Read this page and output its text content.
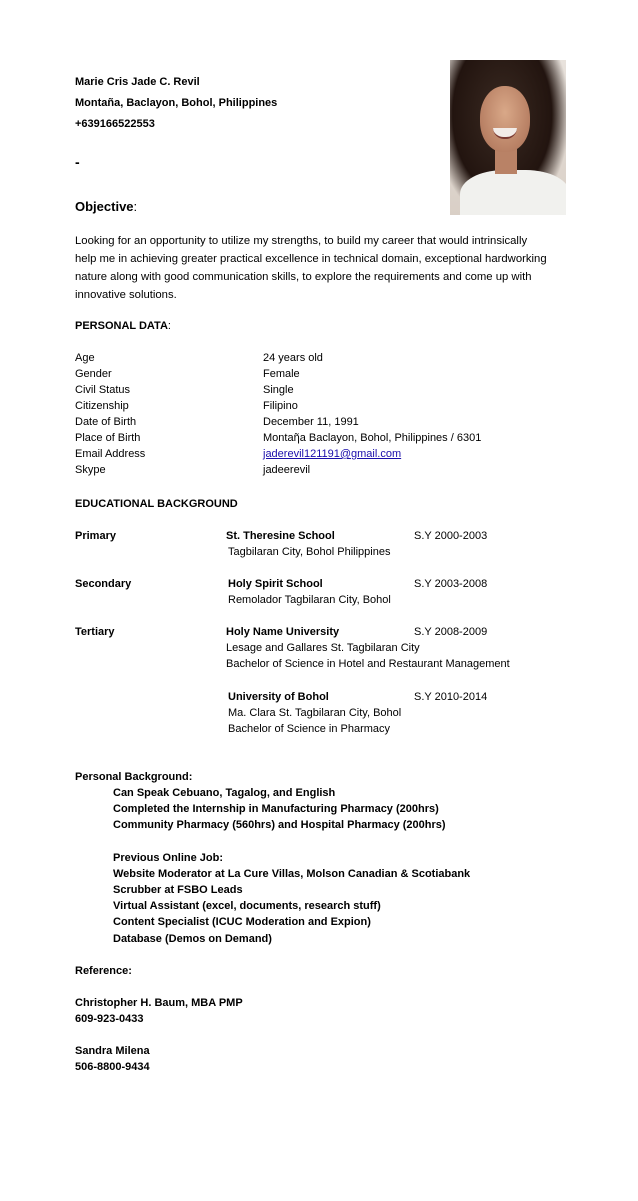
Marie Cris Jade C. Revil
Montaña, Baclayon, Bohol, Philippines
+639166522553
-
Objective:
Looking for an opportunity to utilize my strengths, to build my career that would intrinsically
help me in achieving greater practical excellence in technical domain, exceptional hardworking
nature along with good communication skills, to explore the requirements and come up with
innovative solutions.
PERSONAL DATA:
Age	24 years old
Gender	Female
Civil Status	Single
Citizenship	Filipino
Date of Birth	December 11, 1991
Place of Birth	Montaῆa Baclayon, Bohol, Philippines / 6301
Email Address	jaderevil121191@gmail.com
Skype	jadeerevil
EDUCATIONAL BACKGROUND
Primary	St. Theresine School	S.Y 2000-2003
Tagbilaran City, Bohol Philippines
Secondary	Holy Spirit School	S.Y 2003-2008
Remolador Tagbilaran City, Bohol
Tertiary	Holy Name University	S.Y 2008-2009
Lesage and Gallares St. Tagbilaran City
Bachelor of Science in Hotel and Restaurant Management
University of Bohol	S.Y 2010-2014
Ma. Clara St. Tagbilaran City, Bohol
Bachelor of Science in Pharmacy
Personal Background:
Can Speak Cebuano, Tagalog, and English
Completed the Internship in Manufacturing Pharmacy (200hrs)
Community Pharmacy (560hrs) and Hospital Pharmacy (200hrs)
Previous Online Job:
Website Moderator at La Cure Villas, Molson Canadian & Scotiabank
Scrubber at FSBO Leads
Virtual Assistant (excel, documents, research stuff)
Content Specialist (ICUC Moderation and Expion)
Database (Demos on Demand)
Reference:
Christopher H. Baum, MBA PMP
609-923-0433
Sandra Milena
506-8800-9434
